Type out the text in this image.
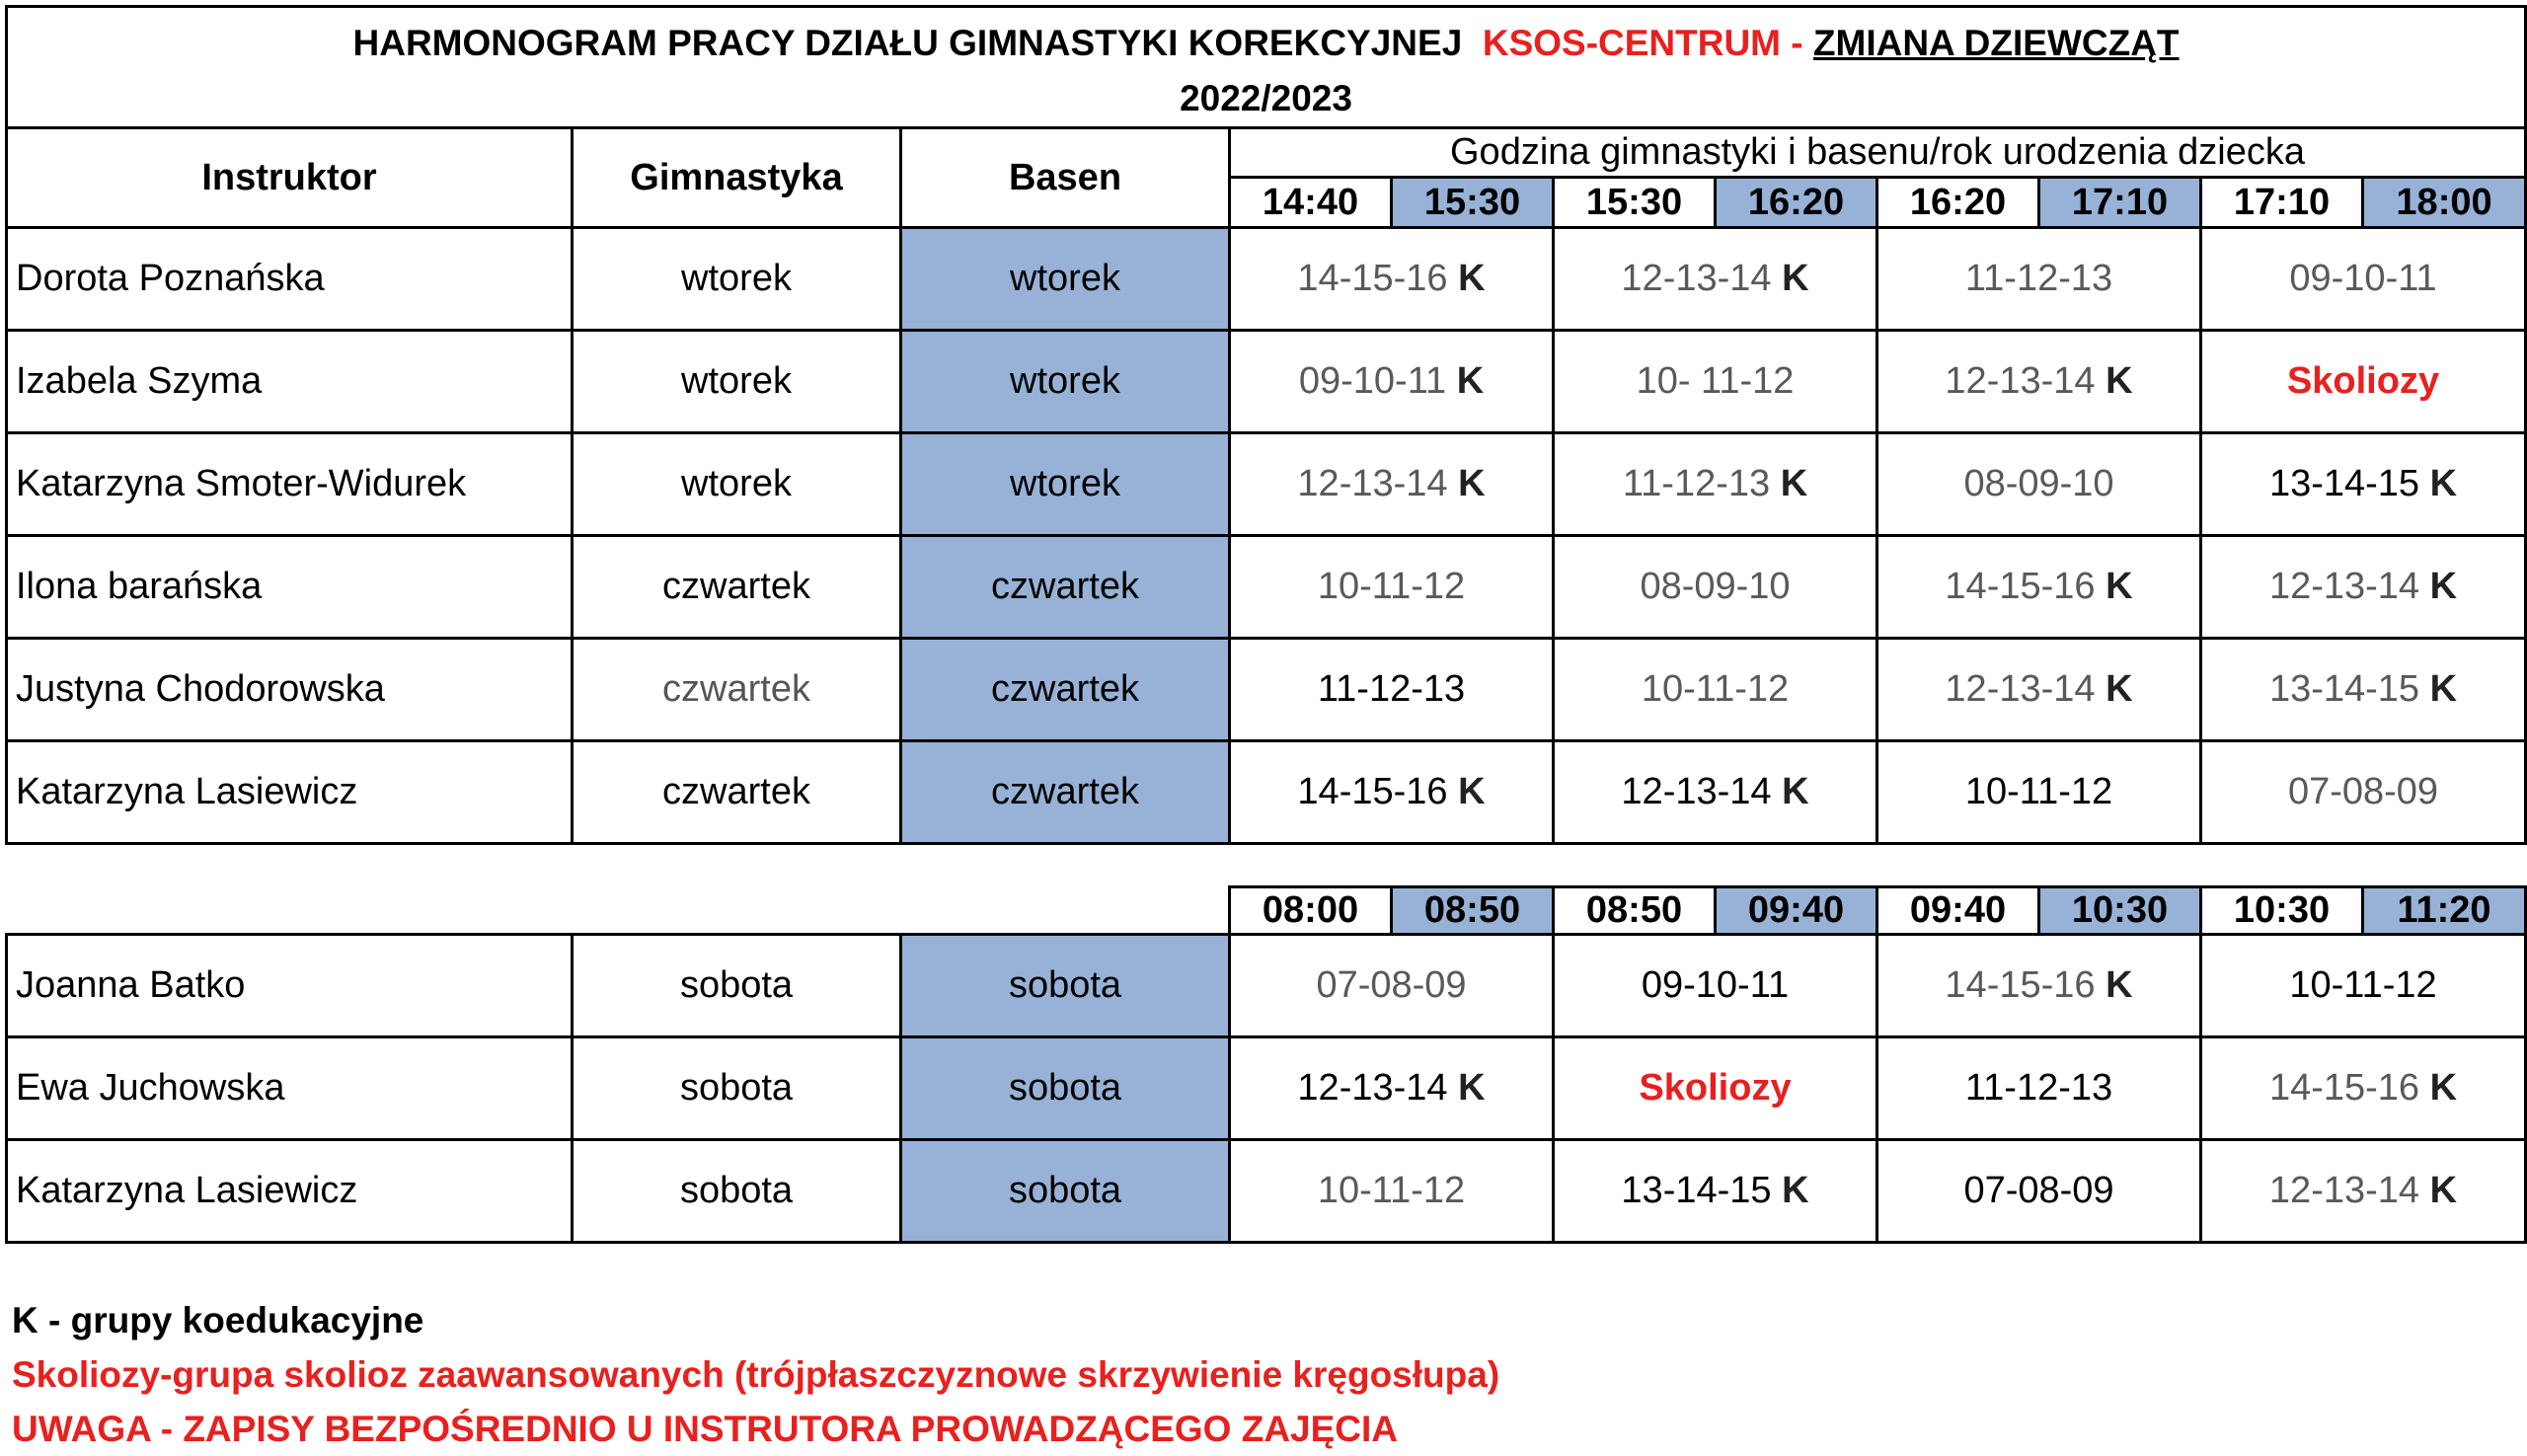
HARMONOGRAM PRACY DZIAŁU GIMNASTYKI KOREKCYJNEJ KSOS-CENTRUM - ZMIANA DZIEWCZĄT
2022/2023										
Instruktor	Gimnastyka	Basen	Godzina gimnastyki i basenu/rok urodzenia dziecka							
			14:40	15:30	15:30	16:20	16:20	17:10	17:10	18:00
Dorota Poznańska	wtorek	wtorek	14-15-16 K		12-13-14 K		11-12-13		09-10-11	
Izabela Szyma	wtorek	wtorek	09-10-11 K		10- 11-12		12-13-14 K		Skoliozy	
Katarzyna Smoter-Widurek	wtorek	wtorek	12-13-14 K		11-12-13 K		08-09-10		13-14-15 K	
Ilona barańska	czwartek	czwartek	10-11-12		08-09-10		14-15-16 K		12-13-14 K	
Justyna Chodorowska	czwartek	czwartek	11-12-13		10-11-12		12-13-14 K		13-14-15 K	
Katarzyna Lasiewicz	czwartek	czwartek	14-15-16 K		12-13-14 K		10-11-12		07-08-09	
			08:00	08:50	08:50	09:40	09:40	10:30	10:30	11:20
Joanna Batko	sobota	sobota	07-08-09		09-10-11		14-15-16 K		10-11-12	
Ewa Juchowska	sobota	sobota	12-13-14 K		Skoliozy		11-12-13		14-15-16 K	
Katarzyna Lasiewicz	sobota	sobota	10-11-12		13-14-15 K		07-08-09		12-13-14 K	
K - grupy koedukacyjne
Skoliozy-grupa skolioz zaawansowanych (trójpłaszczyznowe skrzywienie kręgosłupa)
UWAGA - ZAPISY BEZPOŚREDNIO U INSTRUTORA PROWADZĄCEGO ZAJĘCIA
